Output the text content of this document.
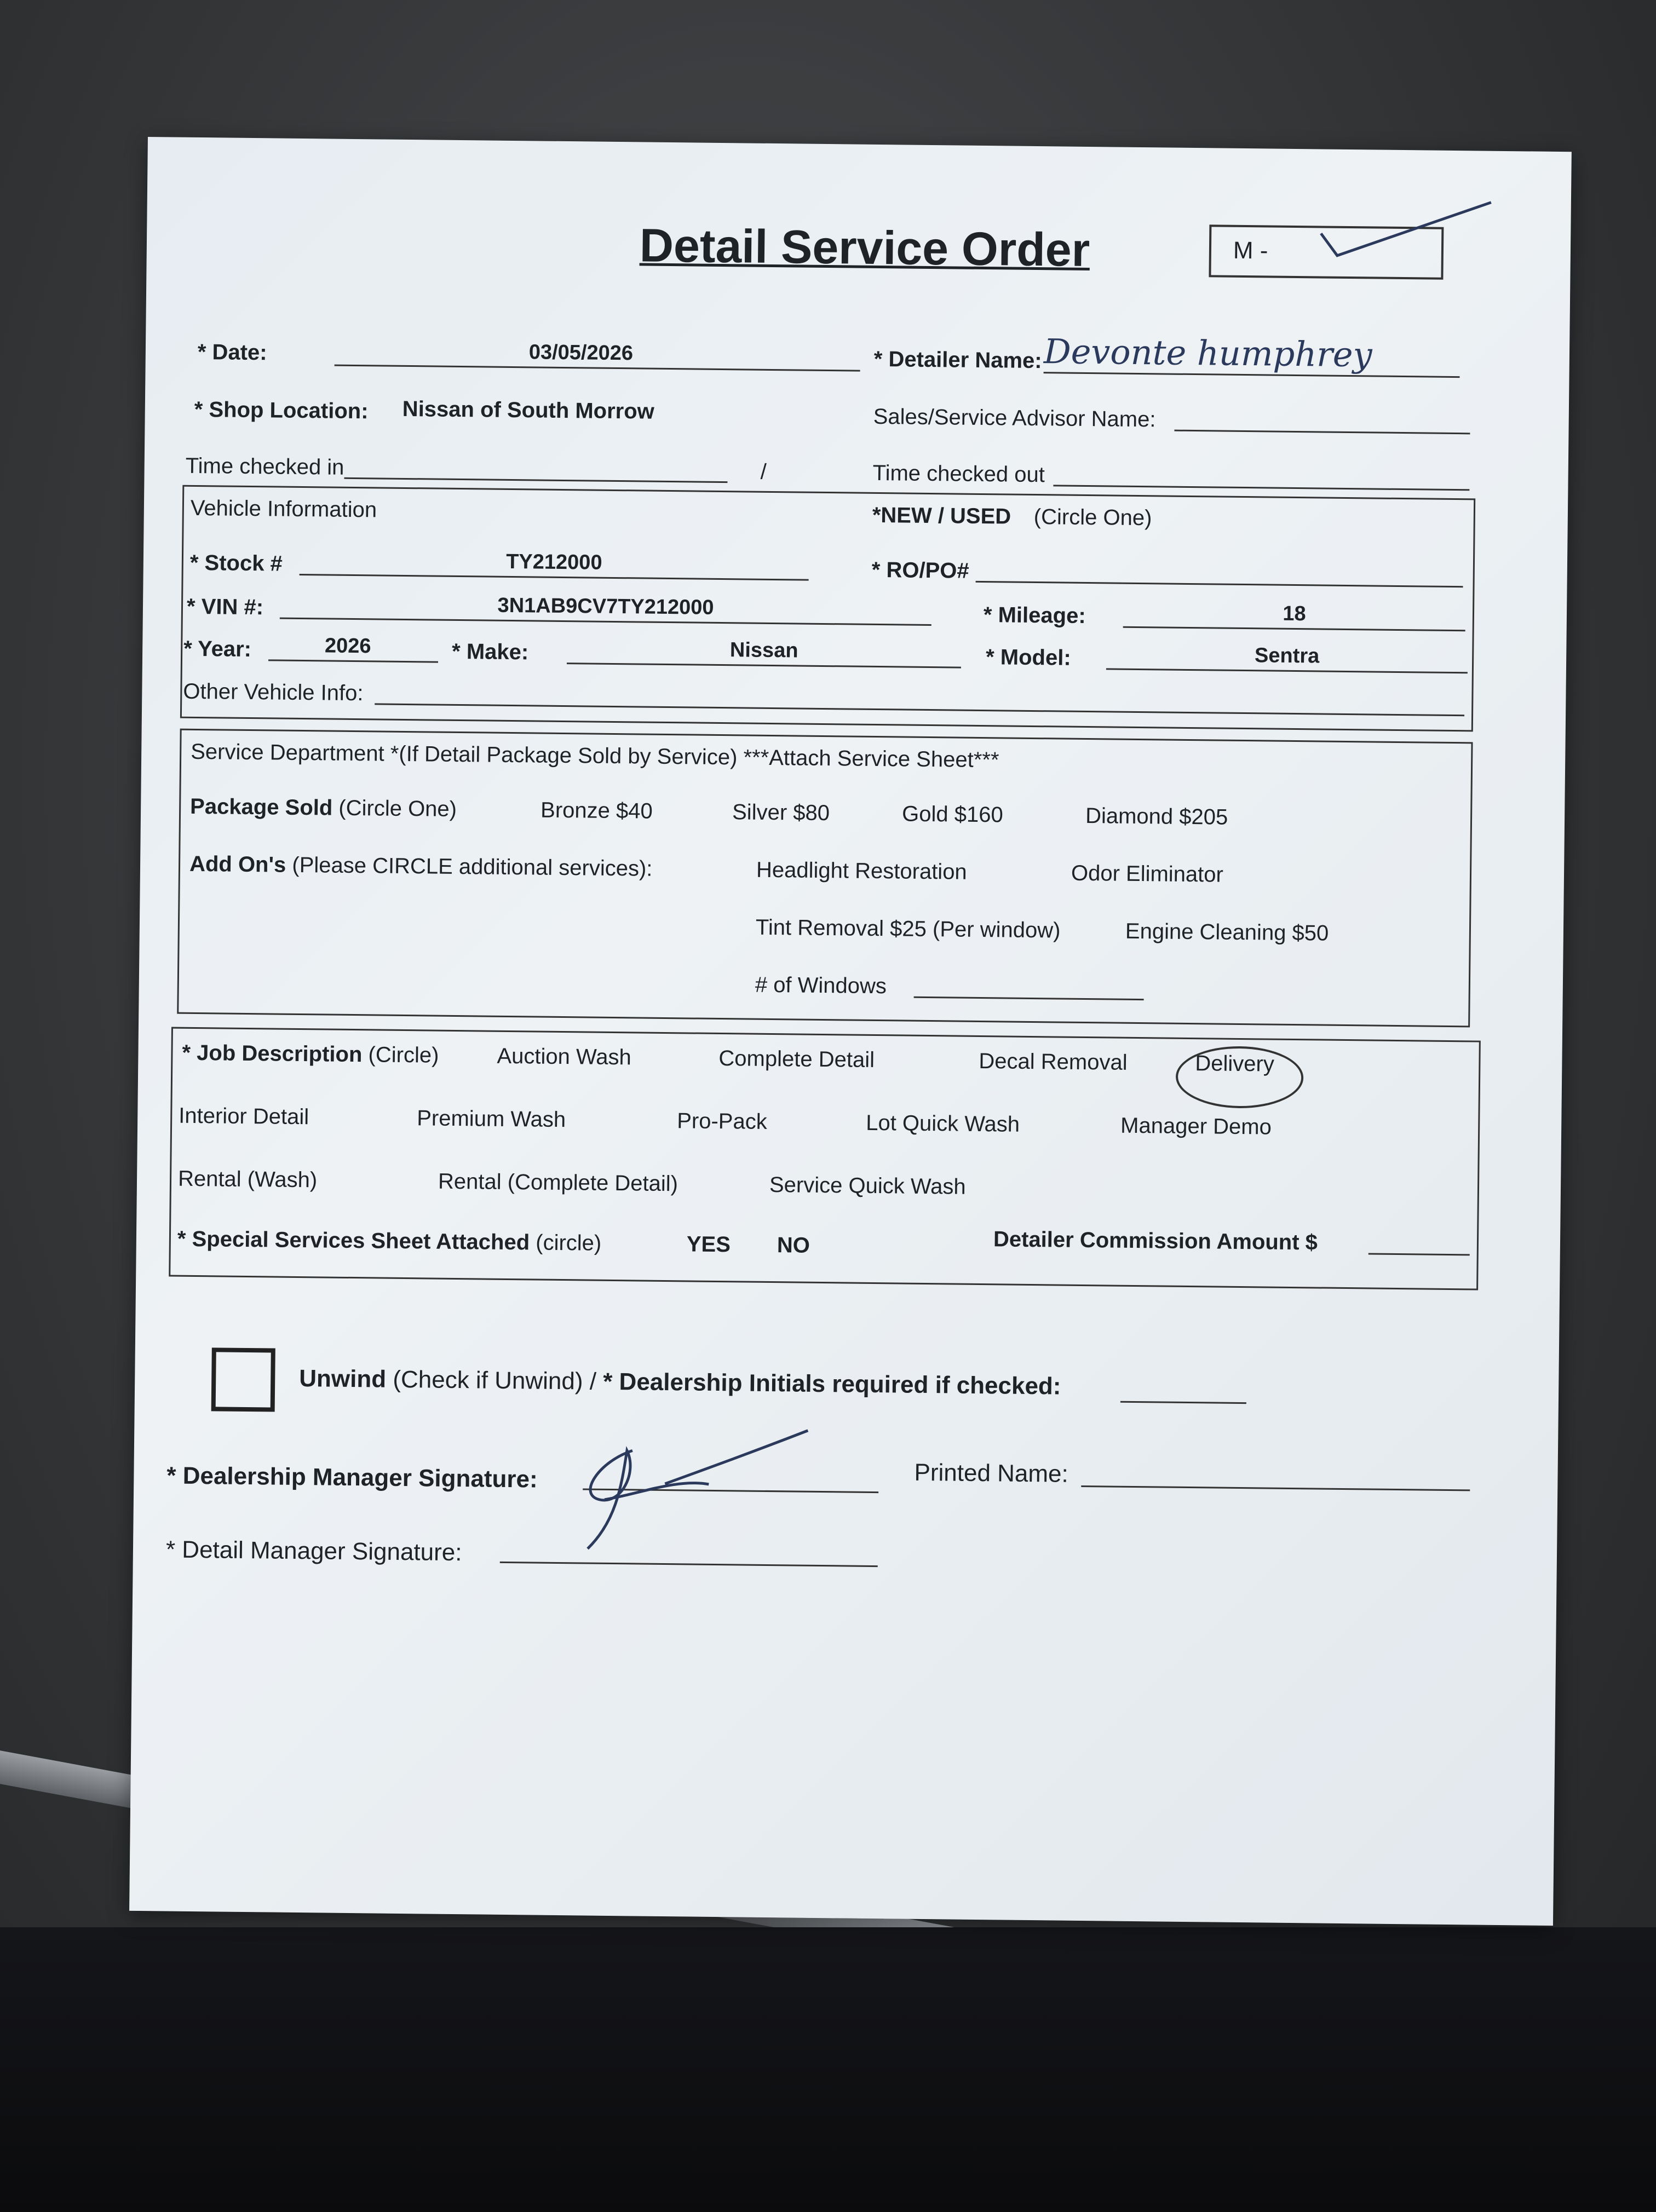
Detail Service Order	M -
* Date:	03/05/2026	* Detailer Name: Devonte humphrey
* Shop Location: Nissan of South Morrow	Sales/Service Advisor Name:
Time checked in	/	Time checked out
Vehicle Information	*NEW / USED (Circle One)
* Stock #	TY212000	* RO/PO#
* VIN #:	3N1AB9CV7TY212000	* Mileage:	18
* Year:	2026	* Make:	Nissan	* Model:	Sentra
Other Vehicle Info:
Service Department *(If Detail Package Sold by Service) ***Attach Service Sheet***
Package Sold (Circle One)	Bronze $40	Silver $80	Gold $160	Diamond $205
Add On's (Please CIRCLE additional services):	Headlight Restoration	Odor Eliminator
Tint Removal $25 (Per window)	Engine Cleaning $50
# of Windows
* Job Description (Circle)	Auction Wash	Complete Detail	Decal Removal	Delivery
Interior Detail	Premium Wash	Pro-Pack	Lot Quick Wash	Manager Demo
Rental (Wash)	Rental (Complete Detail)	Service Quick Wash
* Special Services Sheet Attached (circle)	YES NO	Detailer Commission Amount $
Unwind (Check if Unwind) / * Dealership Initials required if checked:
* Dealership Manager Signature:	Printed Name:
* Detail Manager Signature:
